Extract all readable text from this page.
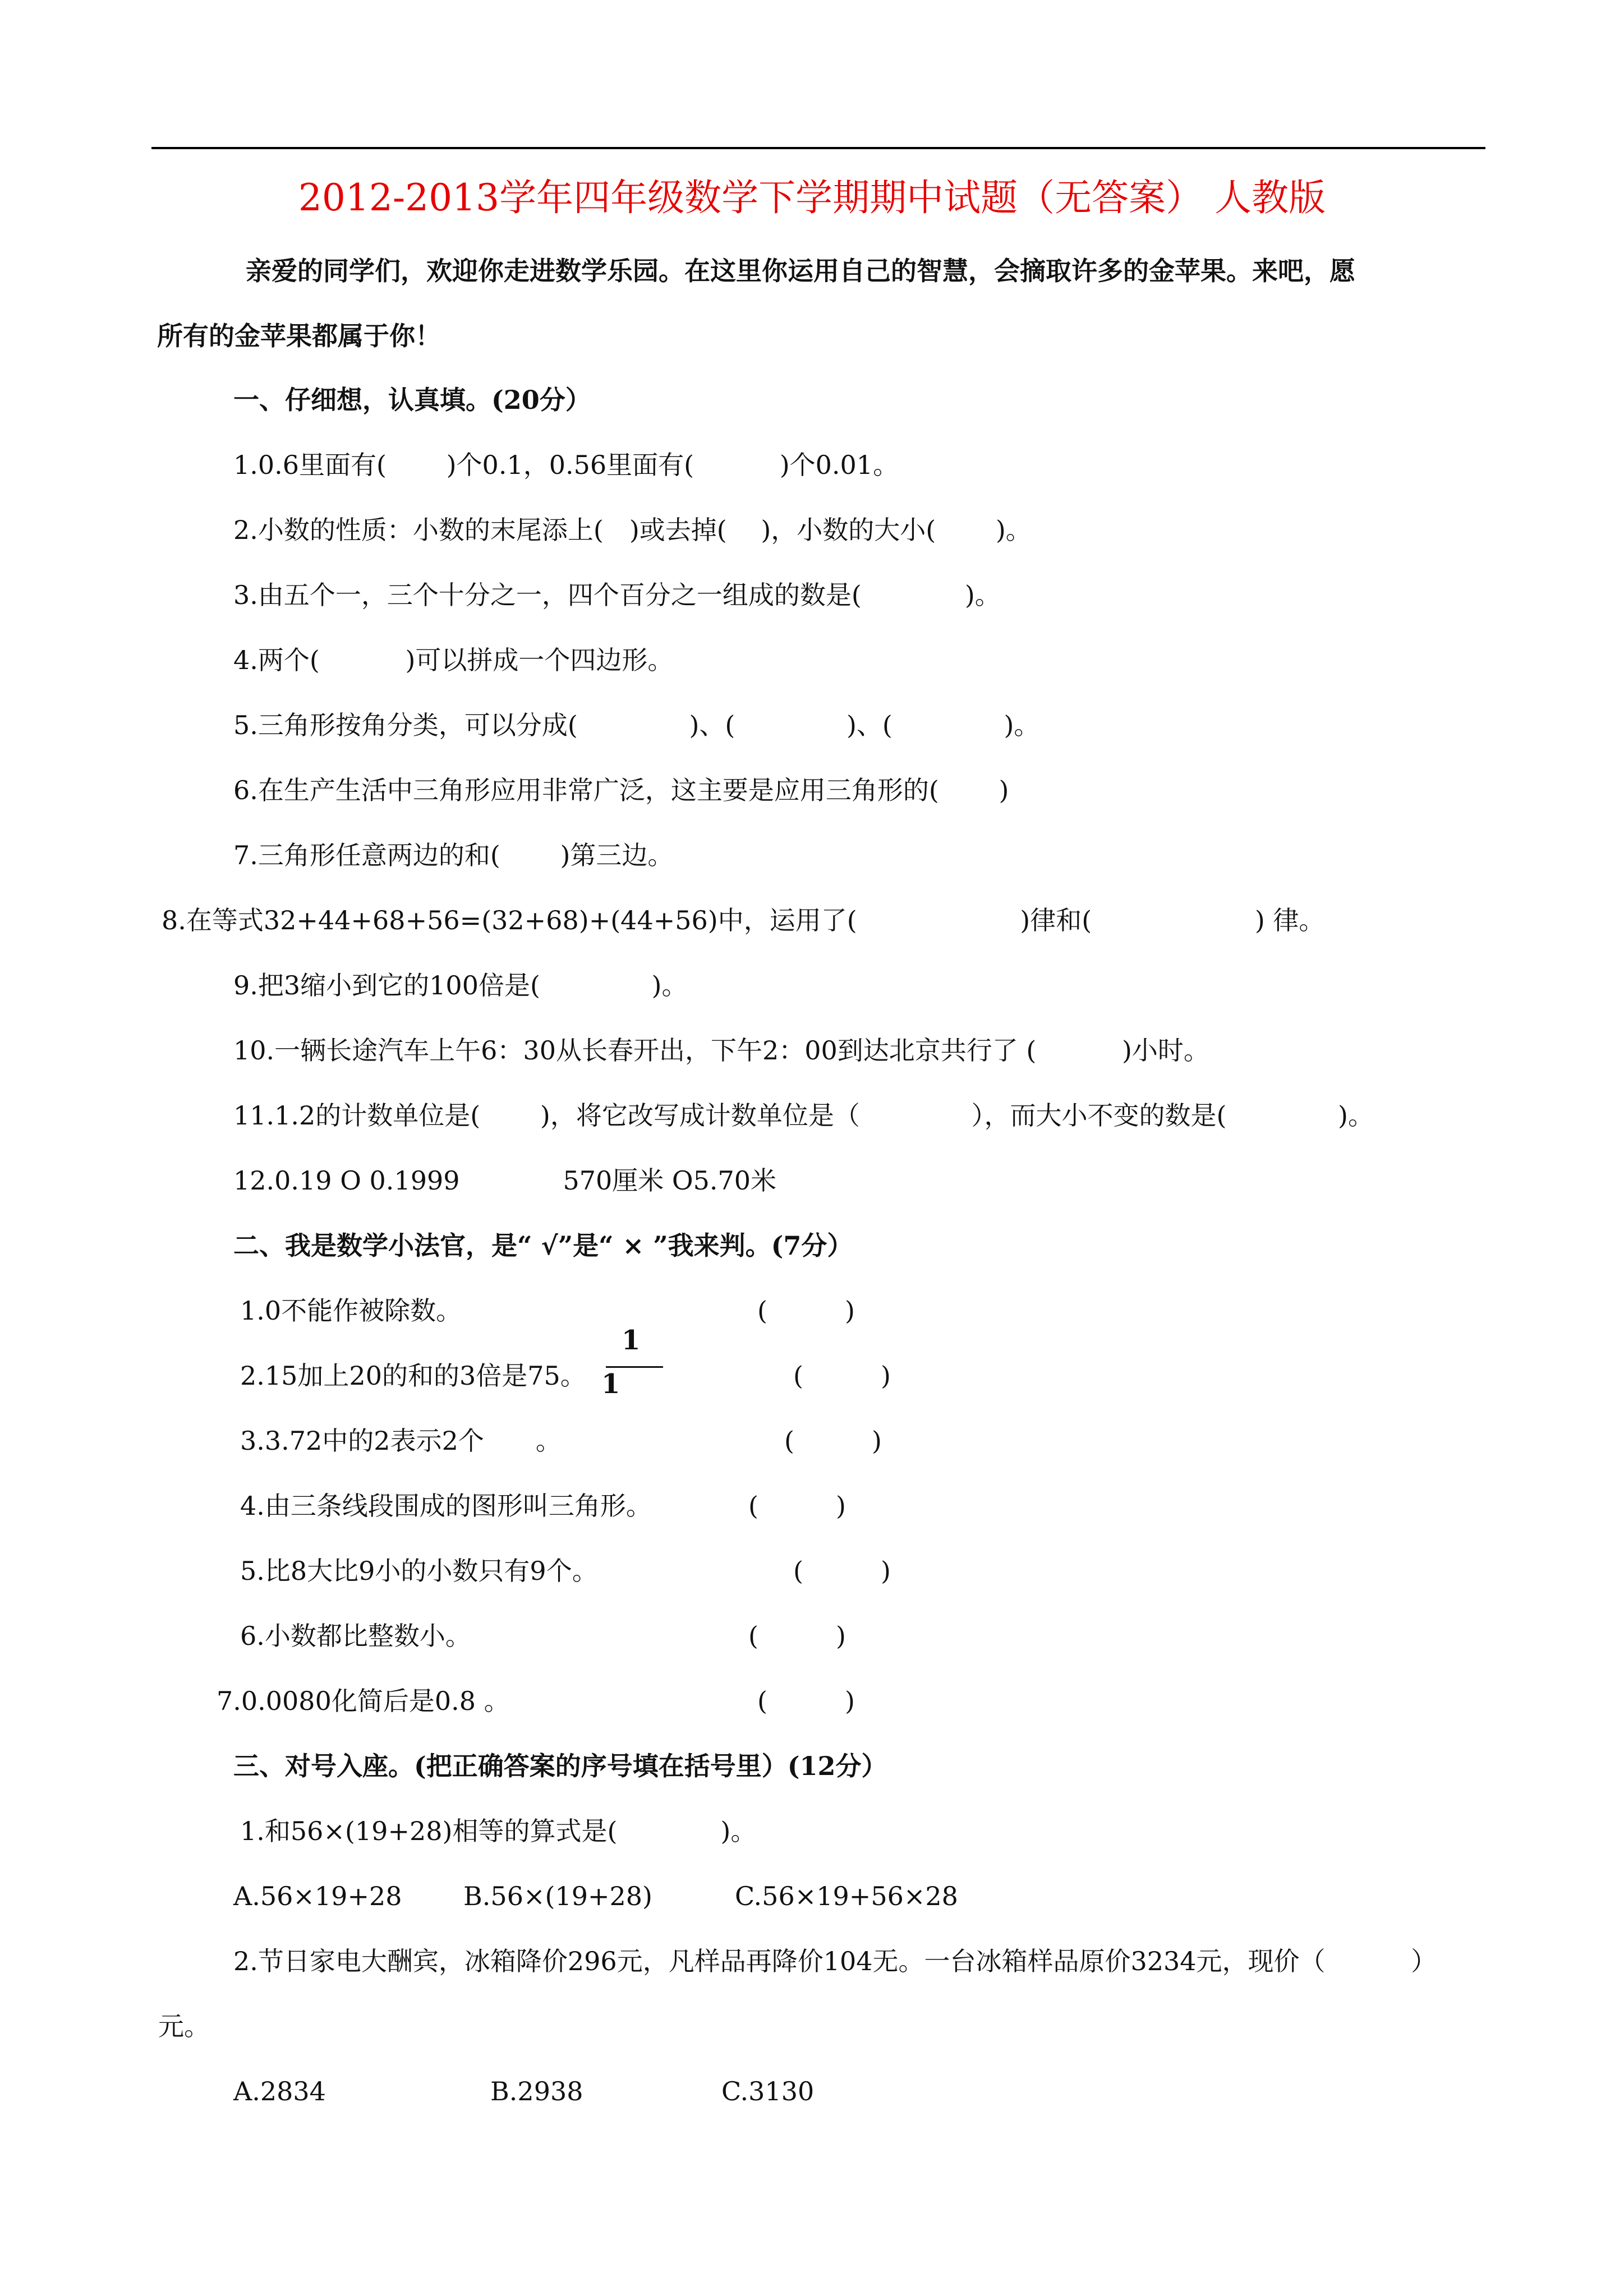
2012-2013学年四年级数学下学期期中试题（无答案） 人教版
亲爱的同学们，欢迎你走进数学乐园。在这里你运用自己的智慧，会摘取许多的金苹果。来吧，愿
所有的金苹果都属于你！
一、仔细想，认真填。(20分）
1.0.6里面有(　　 )个0.1，0.56里面有(　　 　)个0.01。
2.小数的性质：小数的末尾添上(　)或去掉(　 )，小数的大小(　　 )。
3.由五个一，三个十分之一，四个百分之一组成的数是(　　　　)。
4.两个(　　　 )可以拼成一个四边形。
5.三角形按角分类，可以分成(　　　　 )、(　　　　 )、(　　　　 )。
6.在生产生活中三角形应用非常广泛，这主要是应用三角形的(　　 )
7.三角形任意两边的和(　　 )第三边。
8.在等式32+44+68+56=(32+68)+(44+56)中，运用了(　　　　　　 )律和(　　　　　　 ) 律。
9.把3缩小到它的100倍是(　　　　 )。
10.一辆长途汽车上午6：30从长春开出，下午2：00到达北京共行了 (　　　 )小时。
11.1.2的计数单位是(　　 )，将它改写成计数单位是（　　　　 ），而大小不变的数是(　　　　 )。
12.0.19 O 0.1999　　　　570厘米 O5.70米
二、我是数学小法官，是“ √”是“ × ”我来判。(7分）
1.0不能作被除数。	(　　　)
2.15加上20的和的3倍是75。	(　　　)
1
1
3.3.72中的2表示2个　　。	(　　　)
4.由三条线段围成的图形叫三角形。	(　　　)
5.比8大比9小的小数只有9个。	(　　　)
6.小数都比整数小。	(　　　)
7.0.0080化简后是0.8 。	(　　　)
三、对号入座。(把正确答案的序号填在括号里）(12分）
1.和56×(19+28)相等的算式是(　　　　)。
A.56×19+28 B.56×(19+28)	C.56×19+56×28
2.节日家电大酬宾，冰箱降价296元，凡样品再降价104无。一台冰箱样品原价3234元，现价（　　　 ）
元。
A.2834	B.2938	C.3130
